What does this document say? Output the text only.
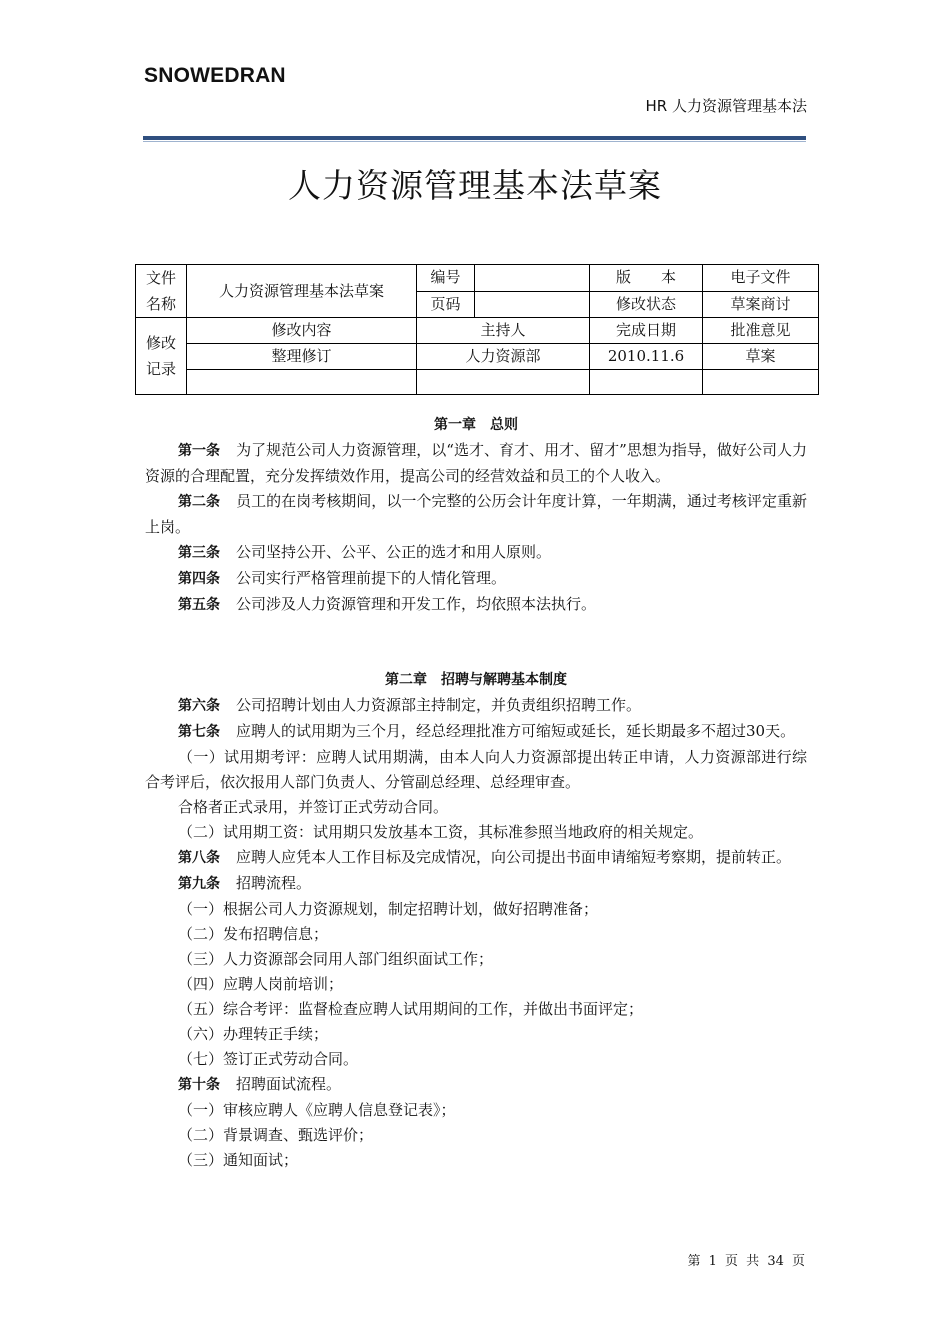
SNOWEDRAN
HR 人力资源管理基本法
人力资源管理基本法草案
文件名称	人力资源管理基本法草案	编号		版　　本	电子文件
		页码		修改状态	草案商讨
修改记录	修改内容	主持人		完成日期	批准意见
	整理修订	人力资源部		2010.11.6	草案

第一章　总则

第一条 为了规范公司人力资源管理，以“选才、育才、用才、留才”思想为指导，做好公司人力资源的合理配置，充分发挥绩效作用，提高公司的经营效益和员工的个人收入。

第二条 员工的在岗考核期间，以一个完整的公历会计年度计算，一年期满，通过考核评定重新上岗。

第三条 公司坚持公开、公平、公正的选才和用人原则。

第四条 公司实行严格管理前提下的人情化管理。

第五条 公司涉及人力资源管理和开发工作，均依照本法执行。

第二章　招聘与解聘基本制度

第六条 公司招聘计划由人力资源部主持制定，并负责组织招聘工作。

第七条 应聘人的试用期为三个月，经总经理批准方可缩短或延长，延长期最多不超过30天。

（一）试用期考评：应聘人试用期满，由本人向人力资源部提出转正申请，人力资源部进行综合考评后，依次报用人部门负责人、分管副总经理、总经理审查。

合格者正式录用，并签订正式劳动合同。

（二）试用期工资：试用期只发放基本工资，其标准参照当地政府的相关规定。

第八条 应聘人应凭本人工作目标及完成情况，向公司提出书面申请缩短考察期，提前转正。

第九条 招聘流程。

（一）根据公司人力资源规划，制定招聘计划，做好招聘准备；

（二）发布招聘信息；

（三）人力资源部会同用人部门组织面试工作；

（四）应聘人岗前培训；

（五）综合考评：监督检查应聘人试用期间的工作，并做出书面评定；

（六）办理转正手续；

（七）签订正式劳动合同。

第十条 招聘面试流程。

（一）审核应聘人《应聘人信息登记表》；

（二）背景调查、甄选评价；

（三）通知面试；

第 1 页 共 34 页
